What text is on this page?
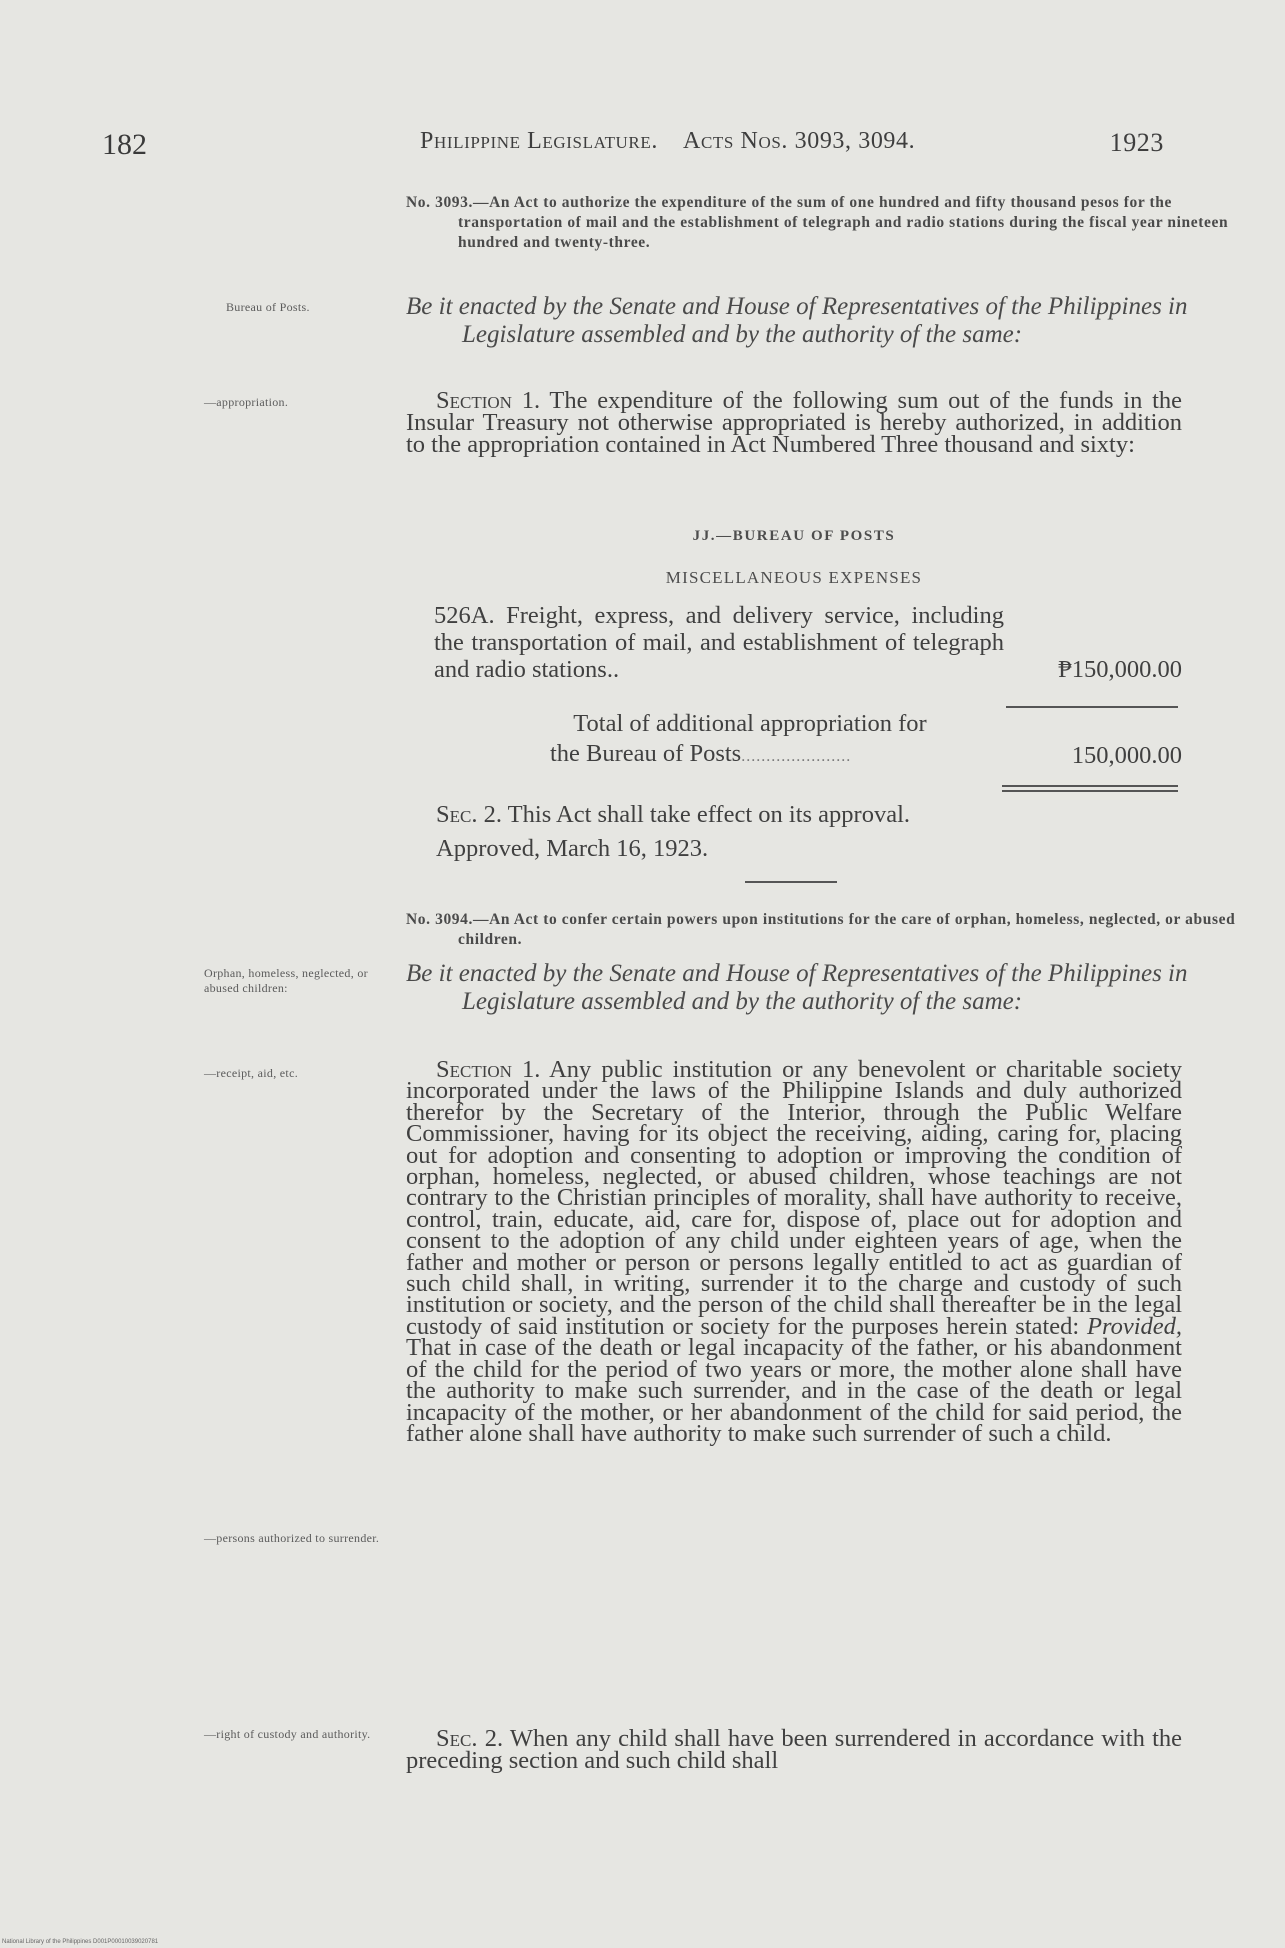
182	Philippine Legislature. Acts Nos. 3093, 3094.	1923
No. 3093.—An Act to authorize the expenditure of the sum of one hundred and fifty thousand pesos for the transportation of mail and the establishment of telegraph and radio stations during the fiscal year nineteen hundred and twenty-three.
Bureau of Posts.	Be it enacted by the Senate and House of Representatives of the Philippines in Legislature assembled and by the authority of the same:
—appropriation.	Section 1. The expenditure of the following sum out of the funds in the Insular Treasury not otherwise appropriated is hereby authorized, in addition to the appropriation contained in Act Numbered Three thousand and sixty:

JJ.—BUREAU OF POSTS
MISCELLANEOUS EXPENSES
526A. Freight, express, and delivery service, including the transportation of mail, and establishment of telegraph and radio stations..	₱150,000.00
Total of additional appropriation for
the Bureau of Posts......................	150,000.00

Sec. 2. This Act shall take effect on its approval.

Approved, March 16, 1923.

No. 3094.—An Act to confer certain powers upon institutions for the care of orphan, homeless, neglected, or abused children.
Orphan, homeless, neglected, or abused children:
Be it enacted by the Senate and House of Representatives of the Philippines in Legislature assembled and by the authority of the same:
—receipt, aid, etc.	Section 1. Any public institution or any benevolent or charitable society incorporated under the laws of the Philippine Islands and duly authorized therefor by the Secretary of the Interior, through the Public Welfare Commissioner, having for its object the receiving, aiding, caring for, placing out for adoption and consenting to adoption or improving the condition of orphan, homeless, neglected, or abused children, whose teachings are not contrary to the Christian principles of morality, shall have authority to receive, control, train, educate, aid, care for, dispose of, place out for adoption and consent to the adoption of any child under eighteen years of age, when the father and mother or person or persons legally entitled to act as guardian of such child shall, in writing, surrender it to the charge and custody of such institution or society, and the person of the child shall thereafter be in the legal custody of said institution or society for the purposes herein stated: Provided, That in case of the death or legal incapacity of the father, or his abandonment of the child for the period of two years or more, the mother alone shall have the authority to make such surrender, and in the case of the death or legal incapacity of the mother, or her abandonment of the child for said period, the father alone shall have authority to make such surrender of such a child.

—persons authorized to surrender.
—right of custody and authority.	Sec. 2. When any child shall have been surrendered in accordance with the preceding section and such child shall

National Library of the Philippines D001P00010039020781
